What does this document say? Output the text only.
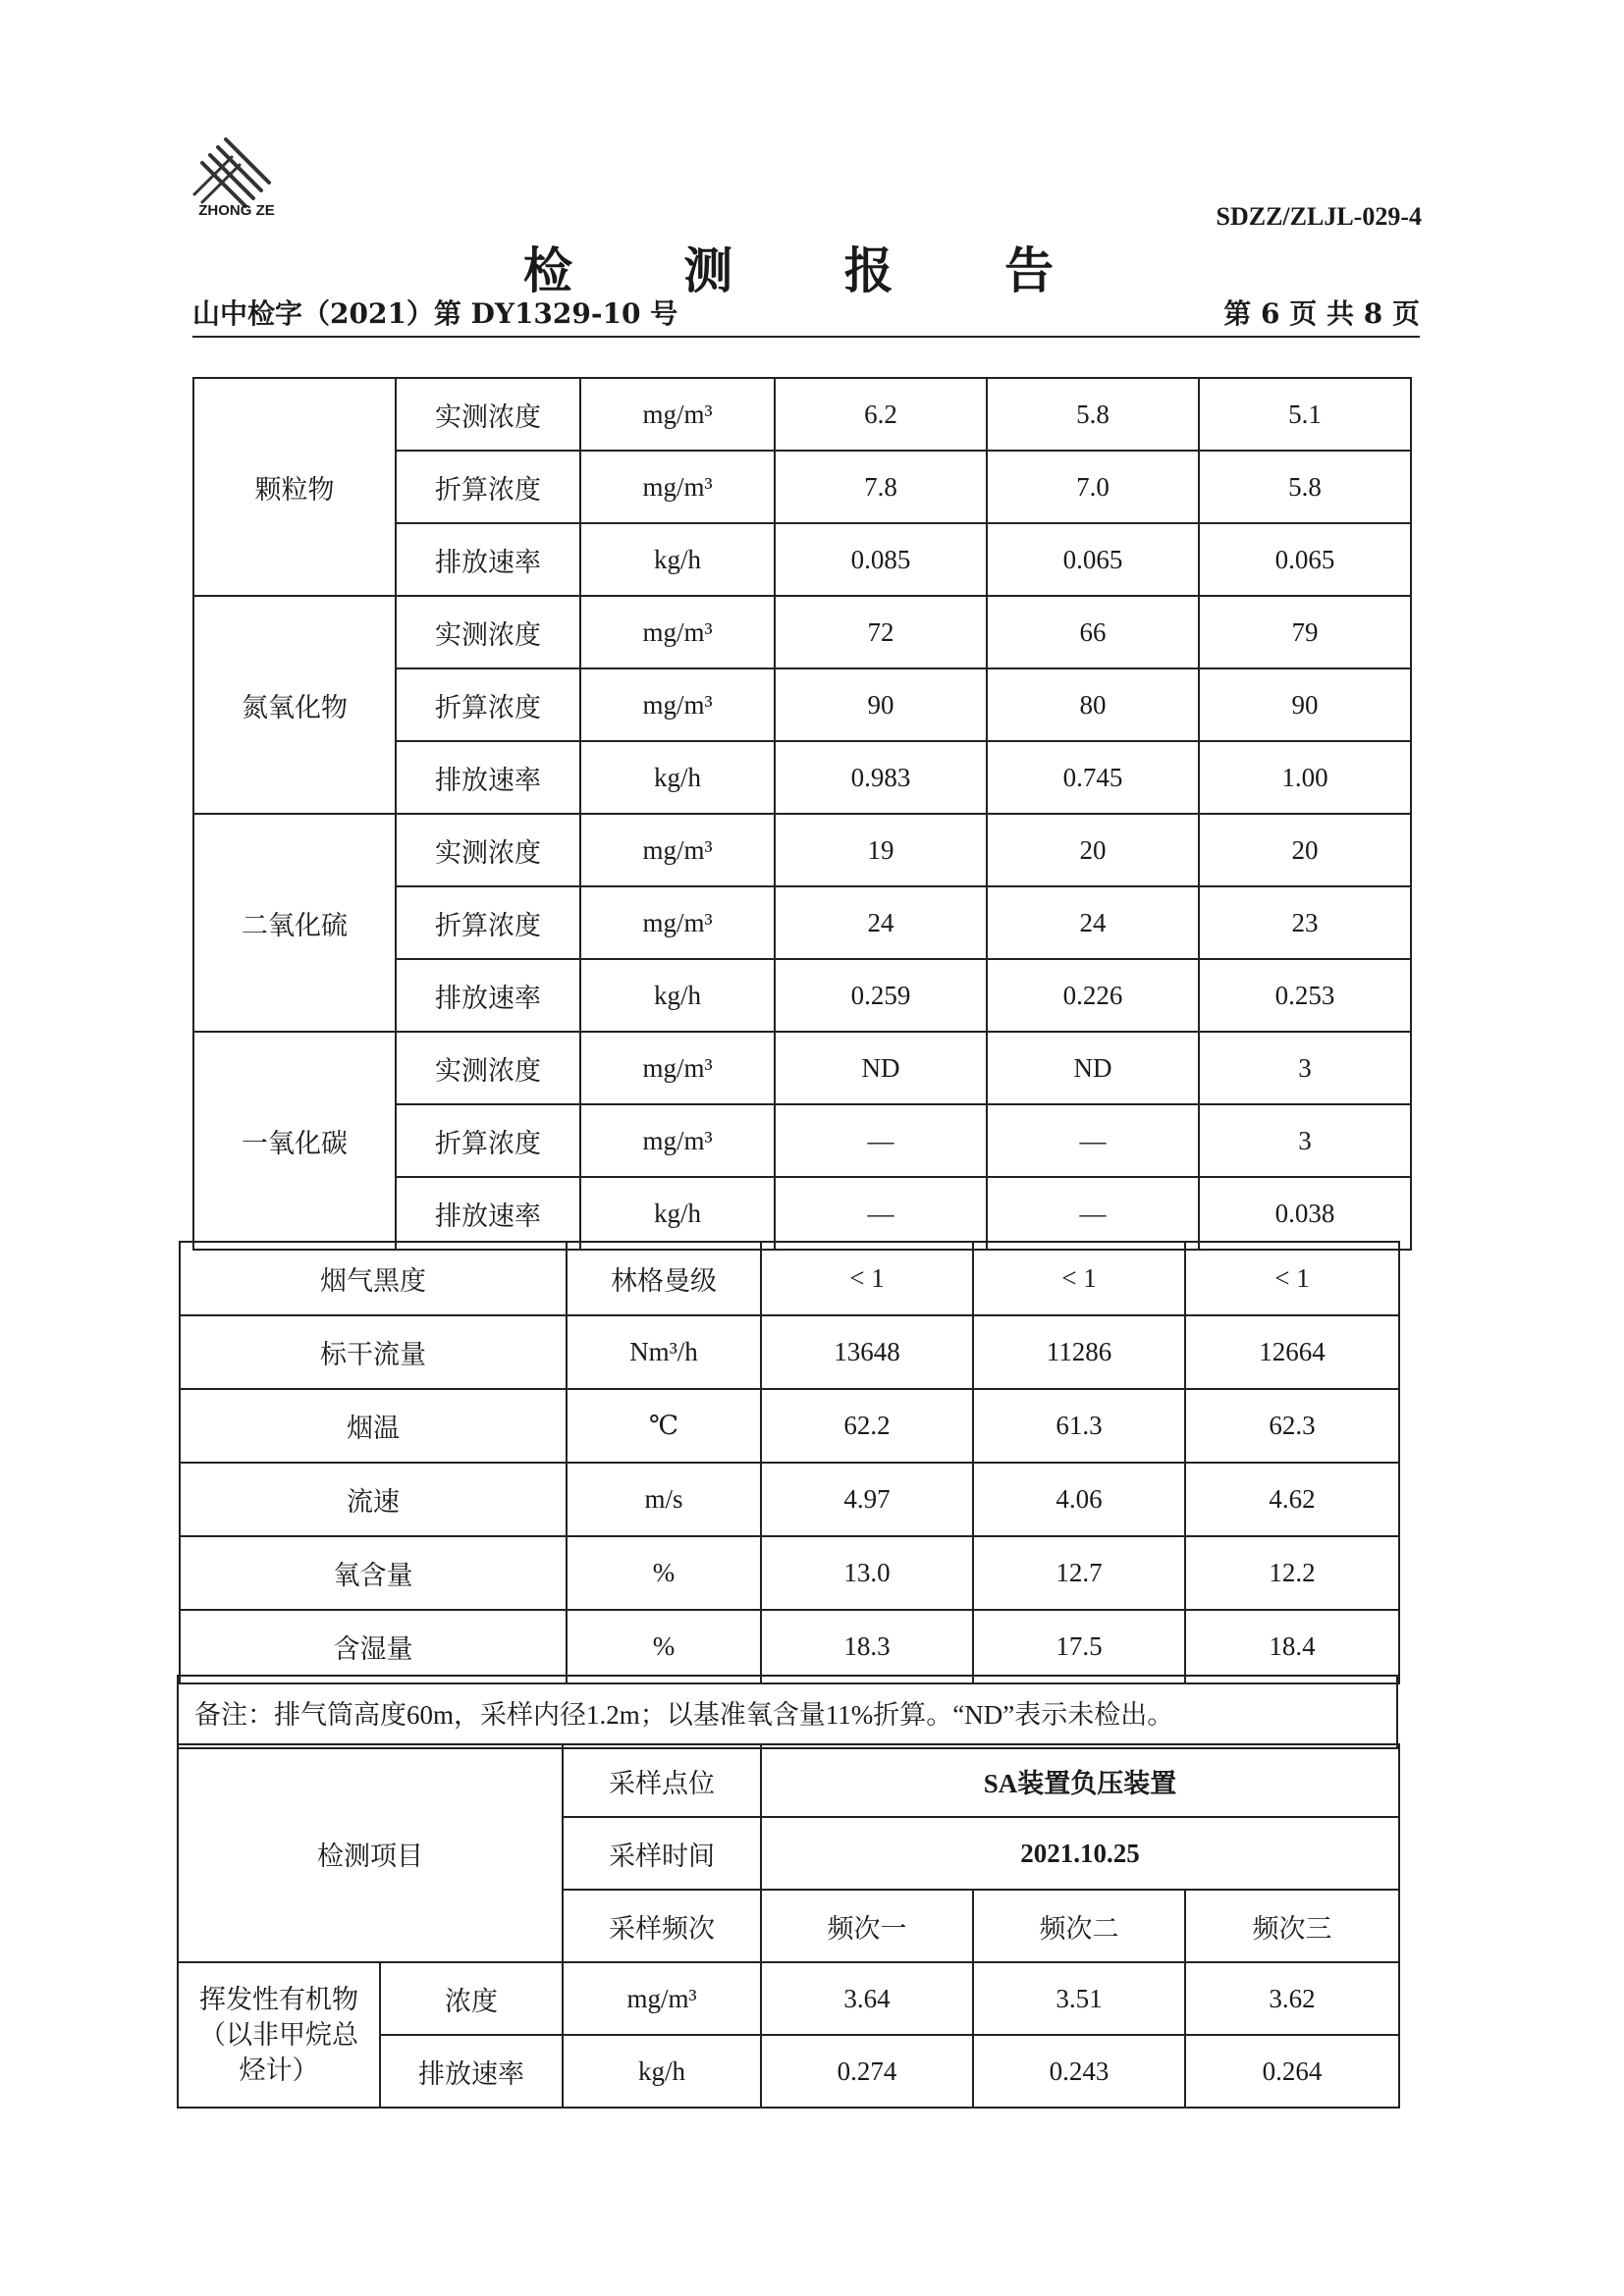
ZHONG ZE	SDZZ/ZLJL-029-4
检 测 报 告
山中检字（2021）第 DY1329-10 号	第 6 页 共 8 页
颗粒物	实测浓度	mg/m³	6.2	5.8	5.1
	折算浓度	mg/m³	7.8	7.0	5.8
	排放速率	kg/h	0.085	0.065	0.065
氮氧化物	实测浓度	mg/m³	72	66	79
	折算浓度	mg/m³	90	80	90
	排放速率	kg/h	0.983	0.745	1.00
二氧化硫	实测浓度	mg/m³	19	20	20
	折算浓度	mg/m³	24	24	23
	排放速率	kg/h	0.259	0.226	0.253
一氧化碳	实测浓度	mg/m³	ND	ND	3
	折算浓度	mg/m³	—	—	3
	排放速率	kg/h	—	—	0.038
烟气黑度	林格曼级	< 1	< 1	< 1
标干流量	Nm³/h	13648	11286	12664
烟温	℃	62.2	61.3	62.3
流速	m/s	4.97	4.06	4.62
氧含量	%	13.0	12.7	12.2
含湿量	%	18.3	17.5	18.4
备注：排气筒高度60m，采样内径1.2m；以基准氧含量11%折算。“ND”表示未检出。
检测项目		采样点位	SA装置负压装置		
		采样时间	2021.10.25		
		采样频次	频次一	频次二	频次三

挥发性有机物
（以非甲烷总
烃计）	浓度	mg/m³	3.64	3.51	3.62
	排放速率	kg/h	0.274	0.243	0.264
